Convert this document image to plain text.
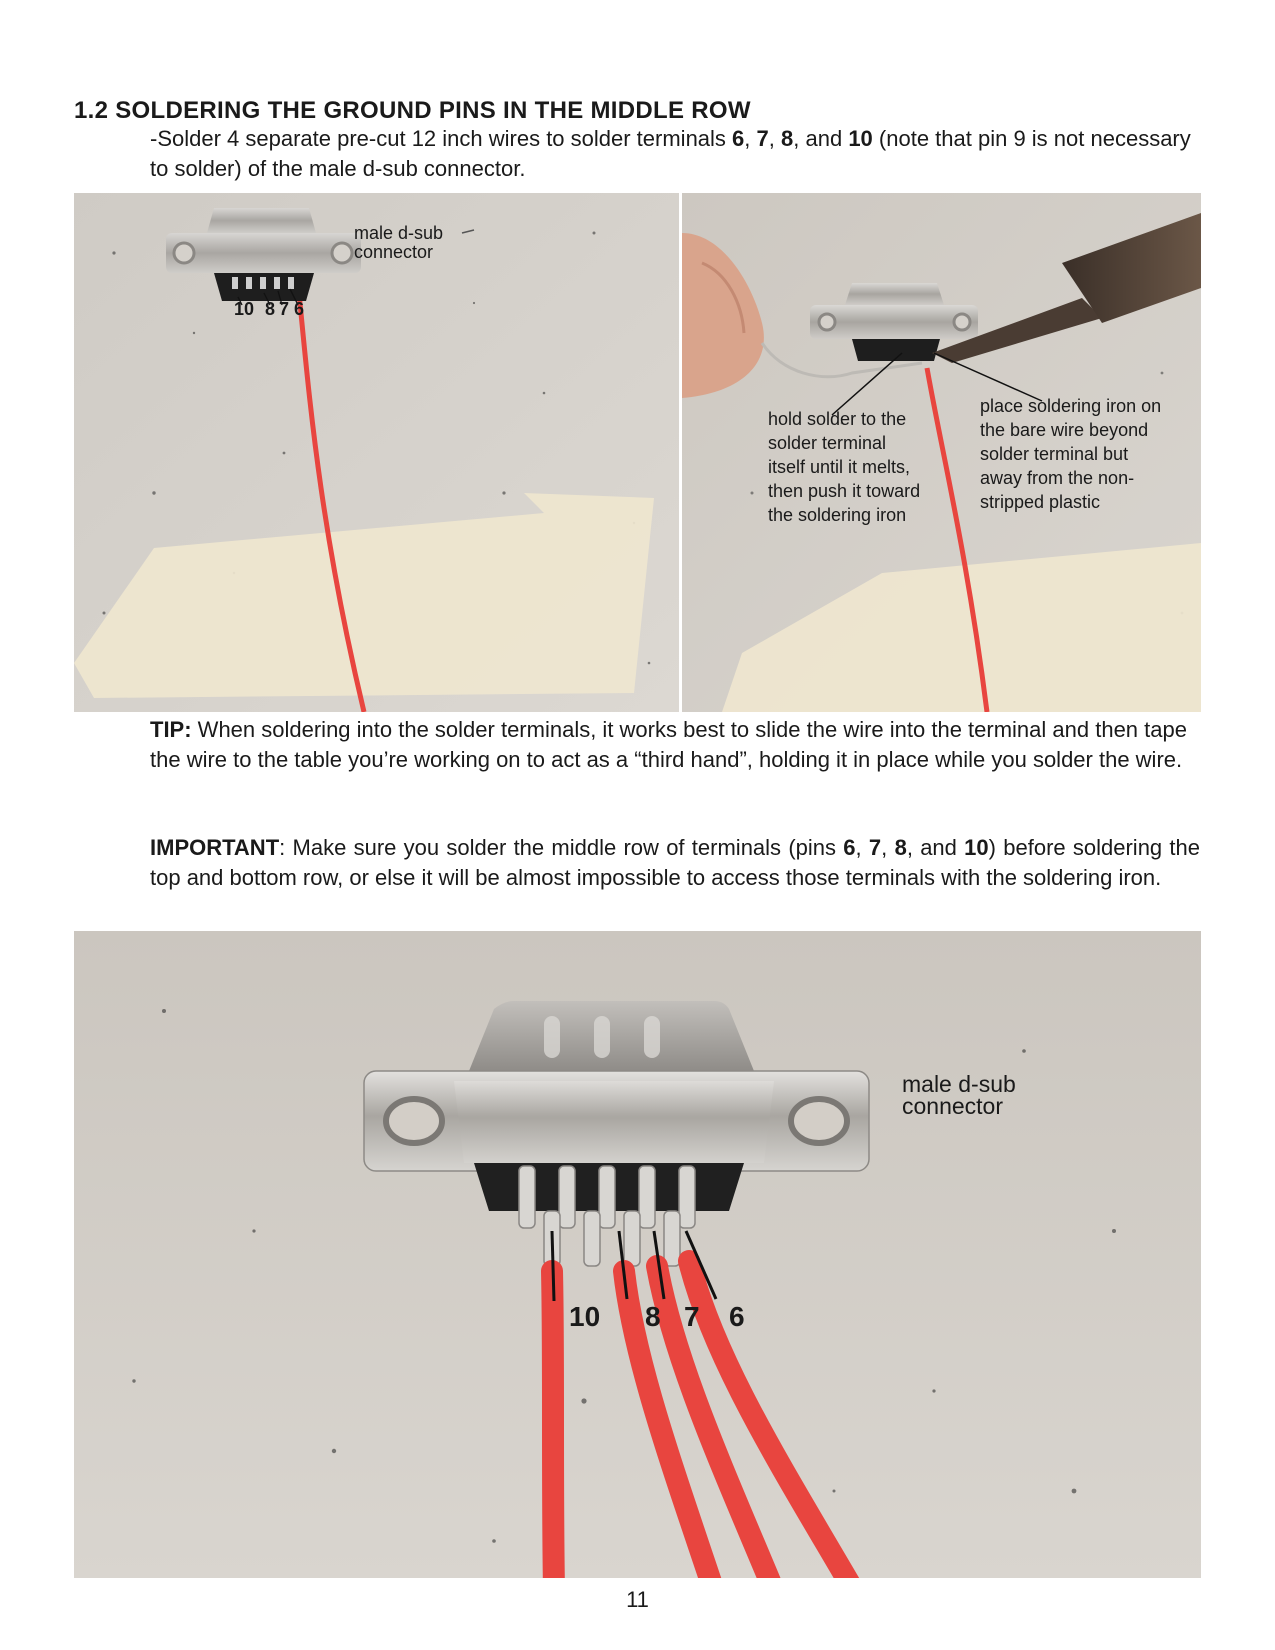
1.2 SOLDERING THE GROUND PINS IN THE MIDDLE ROW

-Solder 4 separate pre-cut 12 inch wires to solder terminals 6, 7, 8, and 10 (note that pin 9 is not necessary to solder) of the male d-sub connector.

male d-sub
connector
10 8 7 6
hold solder to the
solder terminal
itself until it melts,
then push it toward
the soldering iron
place soldering iron on
the bare wire beyond
solder terminal but
away from the non-
stripped plastic

TIP: When soldering into the solder terminals, it works best to slide the wire into the terminal and then tape the wire to the table you’re working on to act as a “third hand”, holding it in place while you solder the wire.

IMPORTANT: Make sure you solder the middle row of terminals (pins 6, 7, 8, and 10) before soldering the top and bottom row, or else it will be almost impossible to access those terminals with the soldering iron.

male d-sub
connector
10 8 7 6
11
